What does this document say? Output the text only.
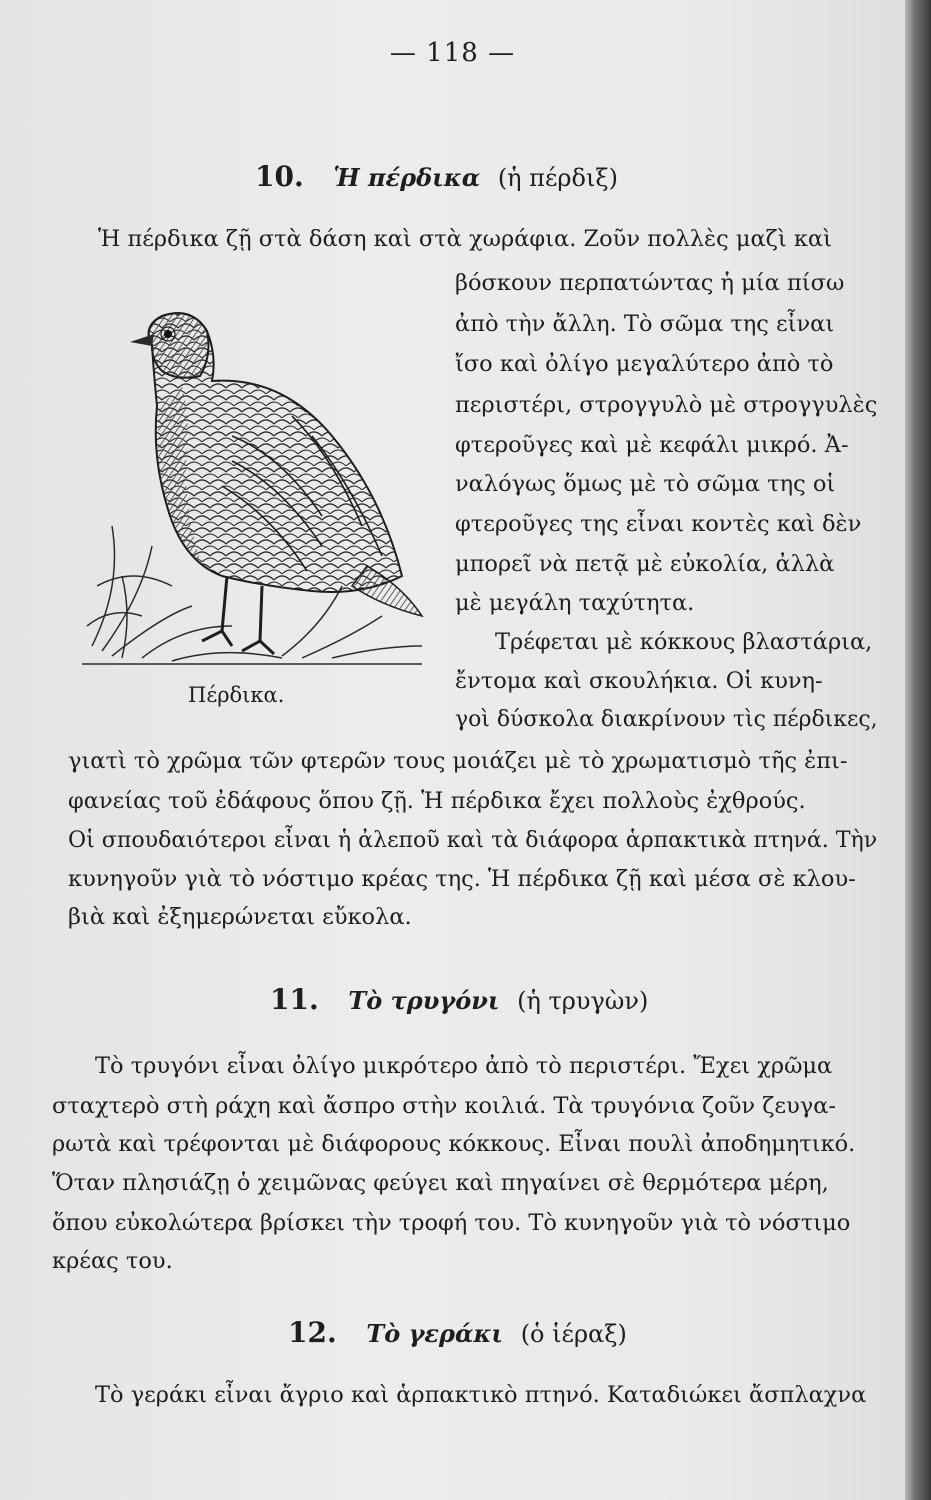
— 118 —
10. Ἡ πέρδικα (ἡ πέρδιξ)
Ἡ πέρδικα ζῇ στὰ δάση καὶ στὰ χωράφια. Ζοῦν πολλὲς μαζὶ καὶ
βόσκουν περπατώντας ἡ μία πίσω
ἀπὸ τὴν ἄλλη. Τὸ σῶμα της εἶναι
ἴσο καὶ ὀλίγο μεγαλύτερο ἀπὸ τὸ
περιστέρι, στρογγυλὸ μὲ στρογγυλὲς
φτεροῦγες καὶ μὲ κεφάλι μικρό. Ἀ-
ναλόγως ὅμως μὲ τὸ σῶμα της οἱ
φτεροῦγες της εἶναι κοντὲς καὶ δὲν
μπορεῖ νὰ πετᾷ μὲ εὐκολία, ἀλλὰ
μὲ μεγάλη ταχύτητα.
Τρέφεται μὲ κόκκους βλαστάρια,
ἔντομα καὶ σκουλήκια. Οἱ κυνη-
γοὶ δύσκολα διακρίνουν τὶς πέρδικες,
γιατὶ τὸ χρῶμα τῶν φτερῶν τους μοιάζει μὲ τὸ χρωματισμὸ τῆς ἐπι-
φανείας τοῦ ἐδάφους ὅπου ζῇ. Ἡ πέρδικα ἔχει πολλοὺς ἐχθρούς.
Οἱ σπουδαιότεροι εἶναι ἡ ἀλεποῦ καὶ τὰ διάφορα ἁρπακτικὰ πτηνά. Τὴν
κυνηγοῦν γιὰ τὸ νόστιμο κρέας της. Ἡ πέρδικα ζῇ καὶ μέσα σὲ κλου-
βιὰ καὶ ἐξημερώνεται εὔκολα.
Πέρδικα.
11. Τὸ τρυγόνι (ἡ τρυγὼν)
Τὸ τρυγόνι εἶναι ὀλίγο μικρότερο ἀπὸ τὸ περιστέρι. Ἔχει χρῶμα
σταχτερὸ στὴ ράχη καὶ ἄσπρο στὴν κοιλιά. Τὰ τρυγόνια ζοῦν ζευγα-
ρωτὰ καὶ τρέφονται μὲ διάφορους κόκκους. Εἶναι πουλὶ ἀποδημητικό.
Ὅταν πλησιάζῃ ὁ χειμῶνας φεύγει καὶ πηγαίνει σὲ θερμότερα μέρη,
ὅπου εὐκολώτερα βρίσκει τὴν τροφή του. Τὸ κυνηγοῦν γιὰ τὸ νόστιμο
κρέας του.
12. Τὸ γεράκι (ὁ ἱέραξ)
Τὸ γεράκι εἶναι ἄγριο καὶ ἁρπακτικὸ πτηνό. Καταδιώκει ἄσπλαχνα
